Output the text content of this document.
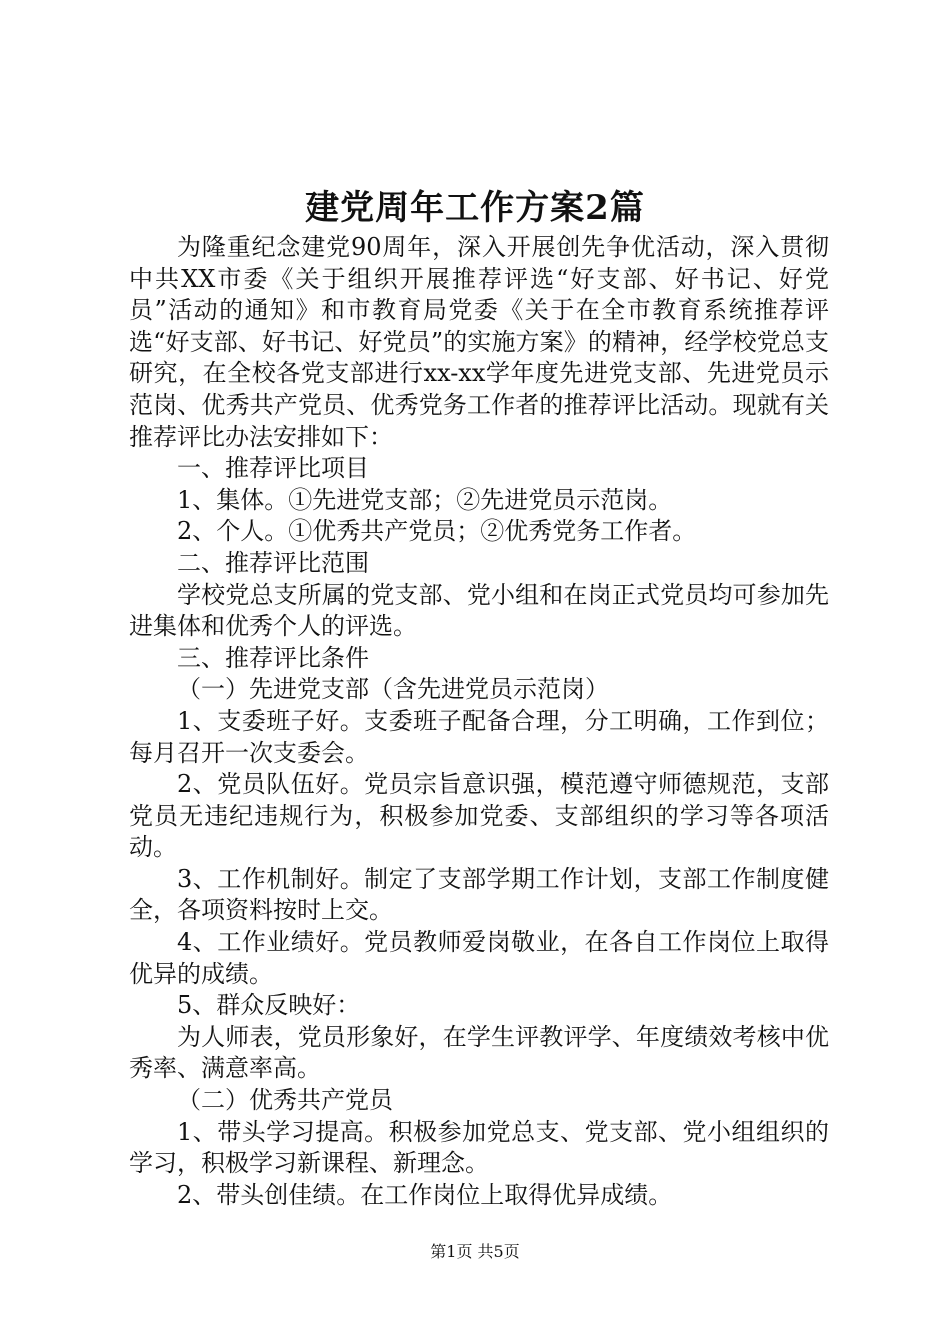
建党周年工作方案2篇

为隆重纪念建党90周年，深入开展创先争优活动，深入贯彻中共XX市委《关于组织开展推荐评选“好支部、好书记、好党员”活动的通知》和市教育局党委《关于在全市教育系统推荐评选“好支部、好书记、好党员”的实施方案》的精神，经学校党总支研究，在全校各党支部进行xx-xx学年度先进党支部、先进党员示范岗、优秀共产党员、优秀党务工作者的推荐评比活动。现就有关推荐评比办法安排如下：

一、推荐评比项目

1、集体。①先进党支部；②先进党员示范岗。

2、个人。①优秀共产党员；②优秀党务工作者。

二、推荐评比范围

学校党总支所属的党支部、党小组和在岗正式党员均可参加先进集体和优秀个人的评选。

三、推荐评比条件

（一）先进党支部（含先进党员示范岗）

1、支委班子好。支委班子配备合理，分工明确，工作到位；每月召开一次支委会。

2、党员队伍好。党员宗旨意识强，模范遵守师德规范，支部党员无违纪违规行为，积极参加党委、支部组织的学习等各项活动。

3、工作机制好。制定了支部学期工作计划，支部工作制度健全，各项资料按时上交。

4、工作业绩好。党员教师爱岗敬业，在各自工作岗位上取得优异的成绩。

5、群众反映好：

为人师表，党员形象好，在学生评教评学、年度绩效考核中优秀率、满意率高。

（二）优秀共产党员

1、带头学习提高。积极参加党总支、党支部、党小组组织的学习，积极学习新课程、新理念。

2、带头创佳绩。在工作岗位上取得优异成绩。

第1页 共5页
